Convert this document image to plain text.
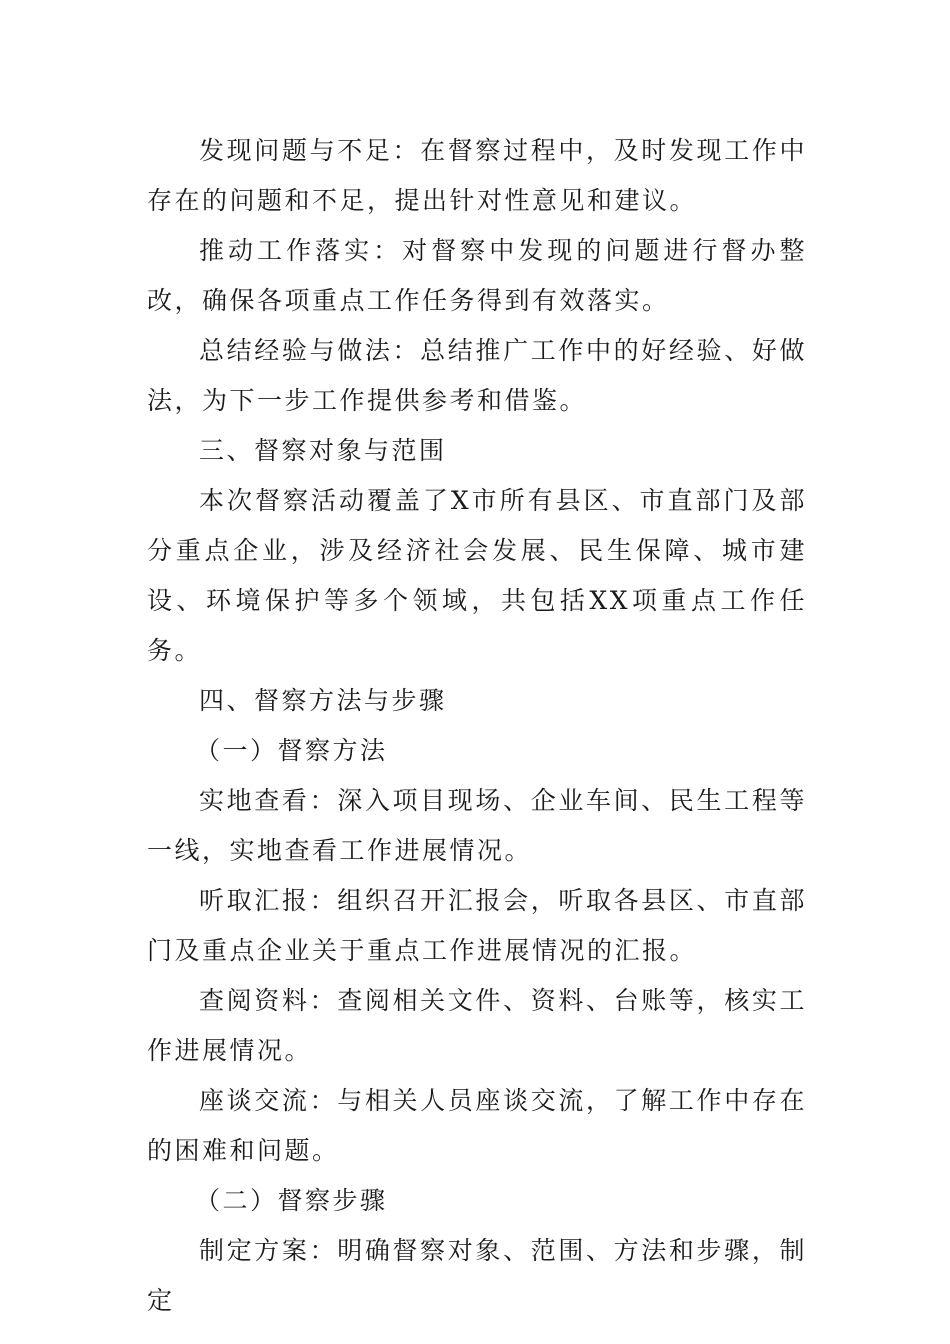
发现问题与不足：在督察过程中，及时发现工作中存在的问题和不足，提出针对性意见和建议。

推动工作落实：对督察中发现的问题进行督办整改，确保各项重点工作任务得到有效落实。

总结经验与做法：总结推广工作中的好经验、好做法，为下一步工作提供参考和借鉴。

三、督察对象与范围

本次督察活动覆盖了X市所有县区、市直部门及部分重点企业，涉及经济社会发展、民生保障、城市建设、环境保护等多个领域，共包括XX项重点工作任务。

四、督察方法与步骤

（一）督察方法

实地查看：深入项目现场、企业车间、民生工程等一线，实地查看工作进展情况。

听取汇报：组织召开汇报会，听取各县区、市直部门及重点企业关于重点工作进展情况的汇报。

查阅资料：查阅相关文件、资料、台账等，核实工作进展情况。

座谈交流：与相关人员座谈交流，了解工作中存在的困难和问题。

（二）督察步骤

制定方案：明确督察对象、范围、方法和步骤，制定
